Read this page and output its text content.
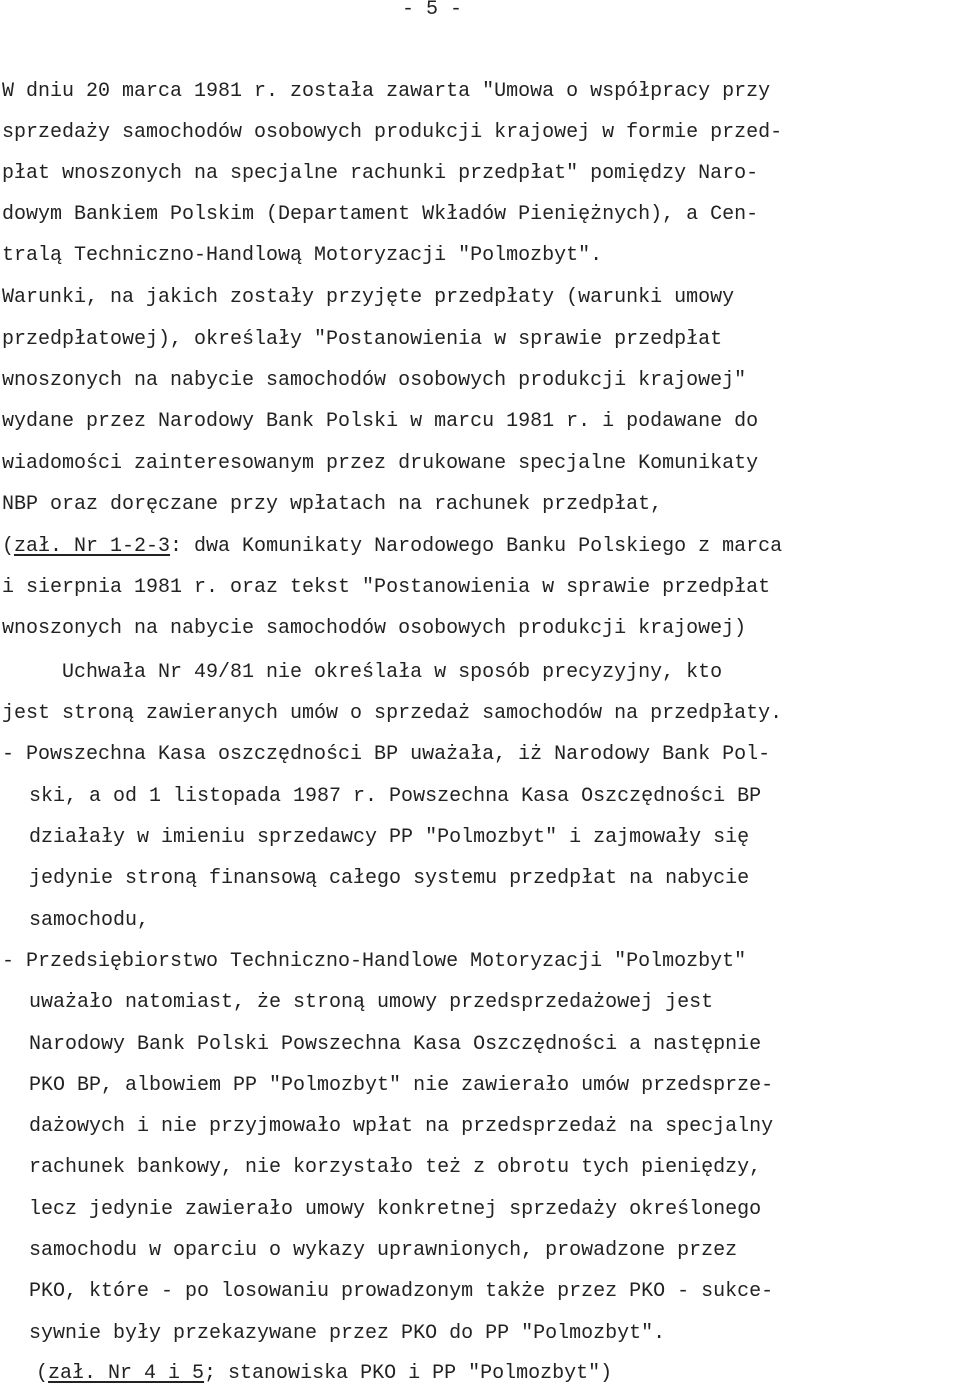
- 5 -
W dniu 20 marca 1981 r. została zawarta "Umowa o współpracy przy
sprzedaży samochodów osobowych produkcji krajowej w formie przed-
płat wnoszonych na specjalne rachunki przedpłat" pomiędzy Naro-
dowym Bankiem Polskim (Departament Wkładów Pieniężnych), a Cen-
tralą Techniczno-Handlową Motoryzacji "Polmozbyt".
Warunki, na jakich zostały przyjęte przedpłaty (warunki umowy
przedpłatowej), określały "Postanowienia w sprawie przedpłat
wnoszonych na nabycie samochodów osobowych produkcji krajowej"
wydane przez Narodowy Bank Polski w marcu 1981 r. i podawane do
wiadomości zainteresowanym przez drukowane specjalne Komunikaty
NBP oraz doręczane przy wpłatach na rachunek przedpłat,
(zał. Nr 1-2-3: dwa Komunikaty Narodowego Banku Polskiego z marca
i sierpnia 1981 r. oraz tekst "Postanowienia w sprawie przedpłat
wnoszonych na nabycie samochodów osobowych produkcji krajowej)
Uchwała Nr 49/81 nie określała w sposób precyzyjny, kto
jest stroną zawieranych umów o sprzedaż samochodów na przedpłaty.
- Powszechna Kasa oszczędności BP uważała, iż Narodowy Bank Pol-
ski, a od 1 listopada 1987 r. Powszechna Kasa Oszczędności BP
działały w imieniu sprzedawcy PP "Polmozbyt" i zajmowały się
jedynie stroną finansową całego systemu przedpłat na nabycie
samochodu,
- Przedsiębiorstwo Techniczno-Handlowe Motoryzacji "Polmozbyt"
uważało natomiast, że stroną umowy przedsprzedażowej jest
Narodowy Bank Polski Powszechna Kasa Oszczędności a następnie
PKO BP, albowiem PP "Polmozbyt" nie zawierało umów przedsprze-
dażowych i nie przyjmowało wpłat na przedsprzedaż na specjalny
rachunek bankowy, nie korzystało też z obrotu tych pieniędzy,
lecz jedynie zawierało umowy konkretnej sprzedaży określonego
samochodu w oparciu o wykazy uprawnionych, prowadzone przez
PKO, które - po losowaniu prowadzonym także przez PKO - sukce-
sywnie były przekazywane przez PKO do PP "Polmozbyt".
(zał. Nr 4 i 5; stanowiska PKO i PP "Polmozbyt")
